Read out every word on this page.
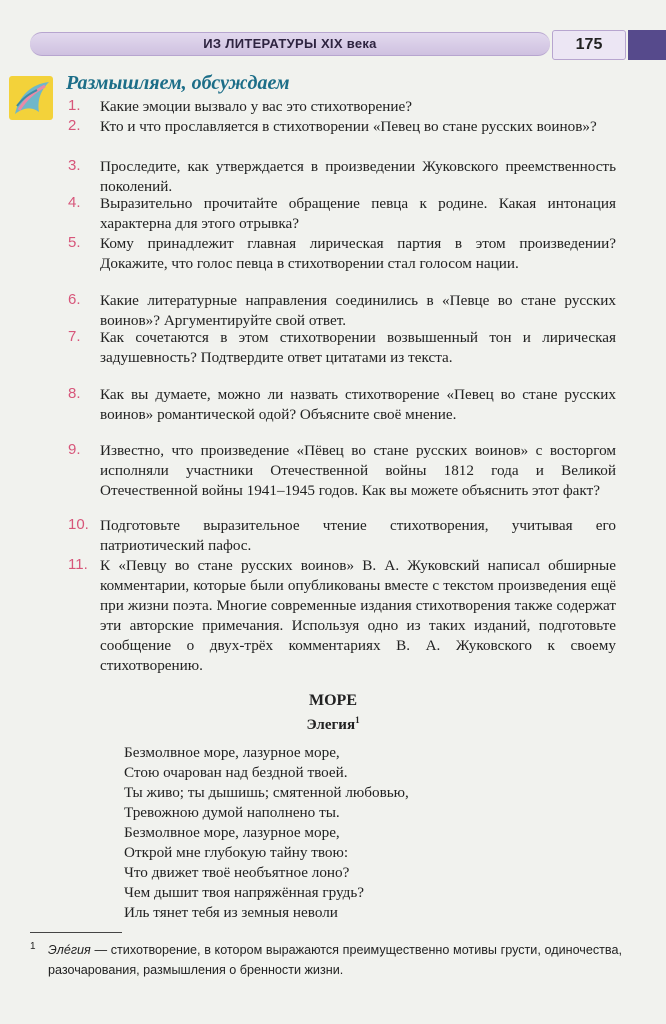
ИЗ ЛИТЕРАТУРЫ XIX века	175
Размышляем, обсуждаем
1.	Какие эмоции вызвало у вас это стихотворение?
2.	Кто и что прославляется в стихотворении «Певец во стане русских воинов»?
3.	Проследите, как утверждается в произведении Жуковского преемственность поколений.
4.	Выразительно прочитайте обращение певца к родине. Какая интонация характерна для этого отрывка?
5.	Кому принадлежит главная лирическая партия в этом произведении? Докажите, что голос певца в стихотворении стал голосом нации.
6.	Какие литературные направления соединились в «Певце во стане русских воинов»? Аргументируйте свой ответ.
7.	Как сочетаются в этом стихотворении возвышенный тон и лирическая задушевность? Подтвердите ответ цитатами из текста.
8.	Как вы думаете, можно ли назвать стихотворение «Певец во стане русских воинов» романтической одой? Объясните своё мнение.
9.	Известно, что произведение «Пёвец во стане русских воинов» с восторгом исполняли участники Отечественной войны 1812 года и Великой Отечественной войны 1941–1945 годов. Как вы можете объяснить этот факт?
10. Подготовьте выразительное чтение стихотворения, учитывая его патриотический пафос.
11. К «Певцу во стане русских воинов» В. А. Жуковский написал обширные комментарии, которые были опубликованы вместе с текстом произведения ещё при жизни поэта. Многие современные издания стихотворения также содержат эти авторские примечания. Используя одно из таких изданий, подготовьте сообщение о двух-трёх комментариях В. А. Жуковского к своему стихотворению.
МОРЕ
Элегия$^1$
Безмолвное море, лазурное море,
Стою очарован над бездной твоей.
Ты живо; ты дышишь; смятенной любовью,
Тревожною думой наполнено ты.
Безмолвное море, лазурное море,
Открой мне глубокую тайну твою:
Что движет твоё необъятное лоно?
Чем дышит твоя напряжённая грудь?
Иль тянет тебя из земныя неволи
1 Элéгия — стихотворение, в котором выражаются преимущественно мотивы грусти, одиночества, разочарования, размышления о бренности жизни.
